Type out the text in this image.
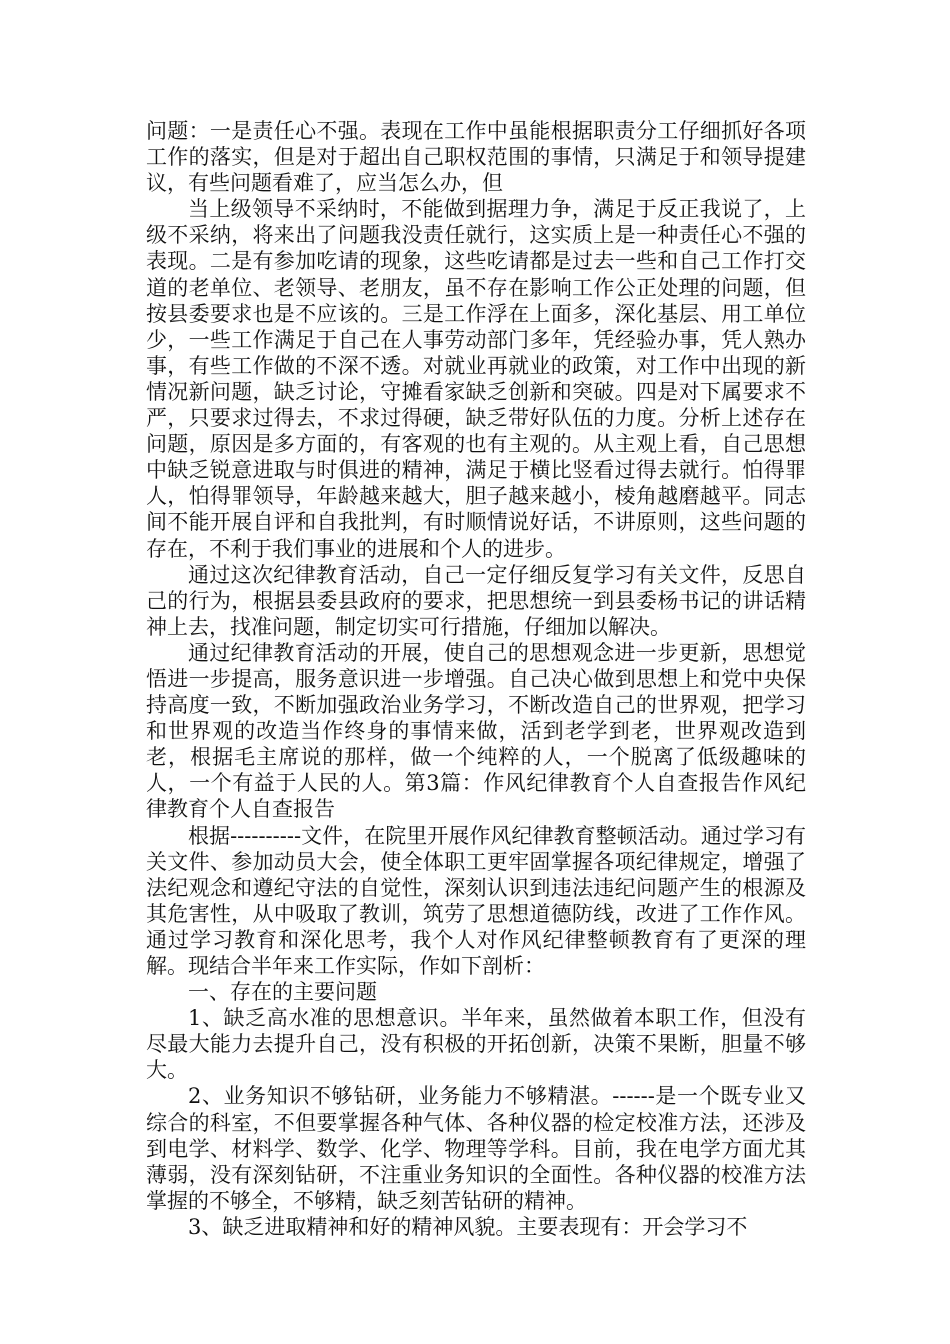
问题：一是责任心不强。表现在工作中虽能根据职责分工仔细抓好各项工作的落实，但是对于超出自己职权范围的事情，只满足于和领导提建议，有些问题看难了，应当怎么办，但

当上级领导不采纳时，不能做到据理力争，满足于反正我说了，上级不采纳，将来出了问题我没责任就行，这实质上是一种责任心不强的表现。二是有参加吃请的现象，这些吃请都是过去一些和自己工作打交道的老单位、老领导、老朋友，虽不存在影响工作公正处理的问题，但按县委要求也是不应该的。三是工作浮在上面多，深化基层、用工单位少，一些工作满足于自己在人事劳动部门多年，凭经验办事，凭人熟办事，有些工作做的不深不透。对就业再就业的政策，对工作中出现的新情况新问题，缺乏讨论，守摊看家缺乏创新和突破。四是对下属要求不严，只要求过得去，不求过得硬，缺乏带好队伍的力度。分析上述存在问题，原因是多方面的，有客观的也有主观的。从主观上看，自己思想中缺乏锐意进取与时俱进的精神，满足于横比竖看过得去就行。怕得罪人，怕得罪领导，年龄越来越大，胆子越来越小，棱角越磨越平。同志间不能开展自评和自我批判，有时顺情说好话，不讲原则，这些问题的存在，不利于我们事业的进展和个人的进步。

通过这次纪律教育活动，自己一定仔细反复学习有关文件，反思自己的行为，根据县委县政府的要求，把思想统一到县委杨书记的讲话精神上去，找准问题，制定切实可行措施，仔细加以解决。

通过纪律教育活动的开展，使自己的思想观念进一步更新，思想觉悟进一步提高，服务意识进一步增强。自己决心做到思想上和党中央保持高度一致，不断加强政治业务学习，不断改造自己的世界观，把学习和世界观的改造当作终身的事情来做，活到老学到老，世界观改造到老，根据毛主席说的那样，做一个纯粹的人，一个脱离了低级趣味的人，一个有益于人民的人。第3篇：作风纪律教育个人自查报告作风纪律教育个人自查报告

根据----------文件，在院里开展作风纪律教育整顿活动。通过学习有关文件、参加动员大会，使全体职工更牢固掌握各项纪律规定，增强了法纪观念和遵纪守法的自觉性，深刻认识到违法违纪问题产生的根源及其危害性，从中吸取了教训，筑劳了思想道德防线，改进了工作作风。通过学习教育和深化思考，我个人对作风纪律整顿教育有了更深的理解。现结合半年来工作实际，作如下剖析：

一、存在的主要问题

1、缺乏高水准的思想意识。半年来，虽然做着本职工作，但没有尽最大能力去提升自己，没有积极的开拓创新，决策不果断，胆量不够大。

2、业务知识不够钻研，业务能力不够精湛。------是一个既专业又综合的科室，不但要掌握各种气体、各种仪器的检定校准方法，还涉及到电学、材料学、数学、化学、物理等学科。目前，我在电学方面尤其薄弱，没有深刻钻研，不注重业务知识的全面性。各种仪器的校准方法掌握的不够全，不够精，缺乏刻苦钻研的精神。

3、缺乏进取精神和好的精神风貌。主要表现有：开会学习不
